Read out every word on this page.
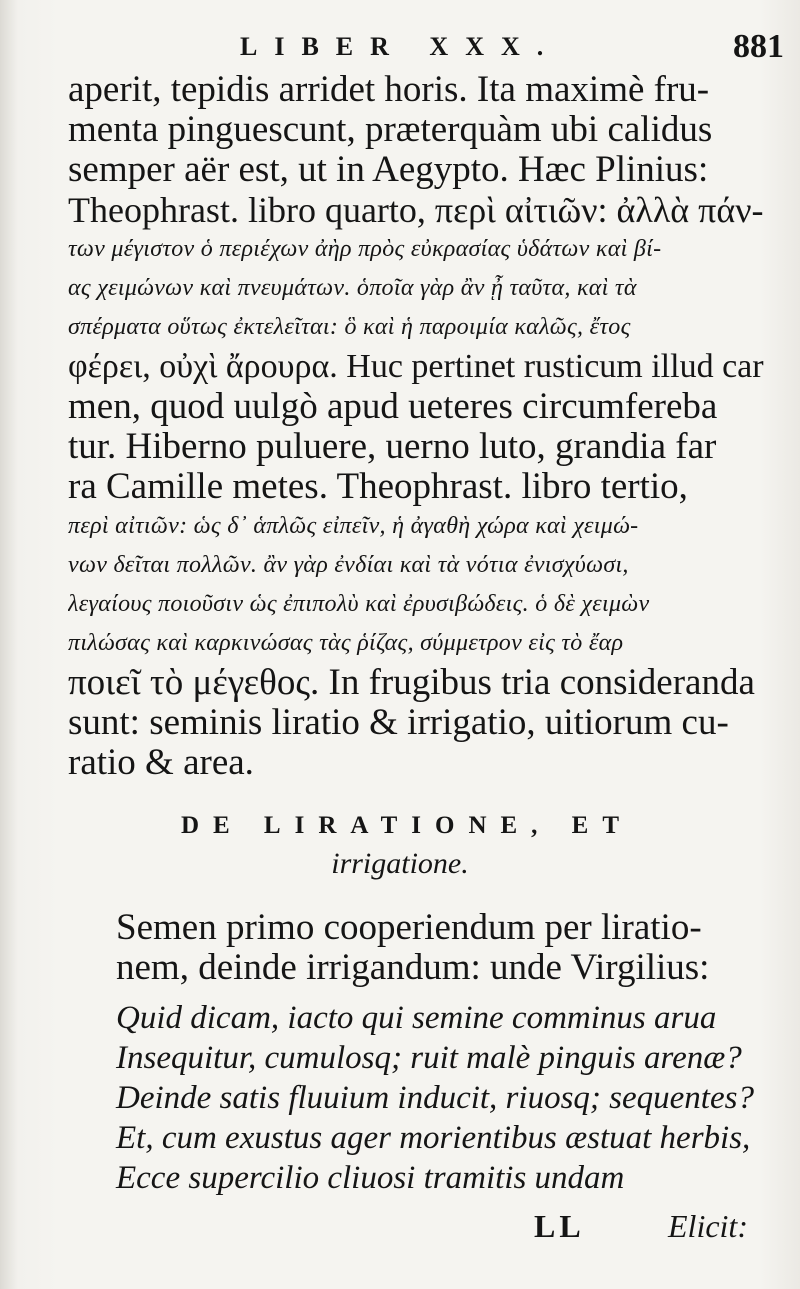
LIBER XXX.	881
aperit, tepidis arridet horis. Ita maximè fru-
menta pinguescunt, præterquàm ubi calidus
semper aër est, ut in Aegypto. Hæc Plinius:
Theophrast. libro quarto, περὶ αἰτιῶν: ἀλλὰ πάν-
των μέγιστον ὁ περιέχων ἀὴρ πρὸς εὐκρασίας ὑδάτων καὶ βί-
ας χειμώνων καὶ πνευμάτων. ὁποῖα γὰρ ἂν ᾖ ταῦτα, καὶ τὰ
σπέρματα οὕτως ἐκτελεῖται: ὃ καὶ ἡ παροιμία καλῶς, ἔτος
φέρει, οὐχὶ ἄρουρα. Huc pertinet rusticum illud car
men, quod uulgò apud ueteres circumfereba
tur. Hiberno puluere, uerno luto, grandia far
ra Camille metes. Theophrast. libro tertio,
περὶ αἰτιῶν: ὡς δ᾽ ἁπλῶς εἰπεῖν, ἡ ἀγαθὴ χώρα καὶ χειμώ-
νων δεῖται πολλῶν. ἂν γὰρ ἐνδίαι καὶ τὰ νότια ἐνισχύωσι,
λεγαίους ποιοῦσιν ὡς ἐπιπολὺ καὶ ἐρυσιβώδεις. ὁ δὲ χειμὼν
πιλώσας καὶ καρκινώσας τὰς ῥίζας, σύμμετρον εἰς τὸ ἔαρ
ποιεῖ τὸ μέγεθος. In frugibus tria consideranda
sunt: seminis liratio & irrigatio, uitiorum cu-
ratio & area.
DE LIRATIONE, ET
irrigatione.
Semen primo cooperiendum per liratio-
nem, deinde irrigandum: unde Virgilius:
Quid dicam, iacto qui semine comminus arua
Insequitur, cumulosq; ruit malè pinguis arenæ?
Deinde satis fluuium inducit, riuosq; sequentes?
Et, cum exustus ager morientibus æstuat herbis,
Ecce supercilio cliuosi tramitis undam
LL	Elicit:
